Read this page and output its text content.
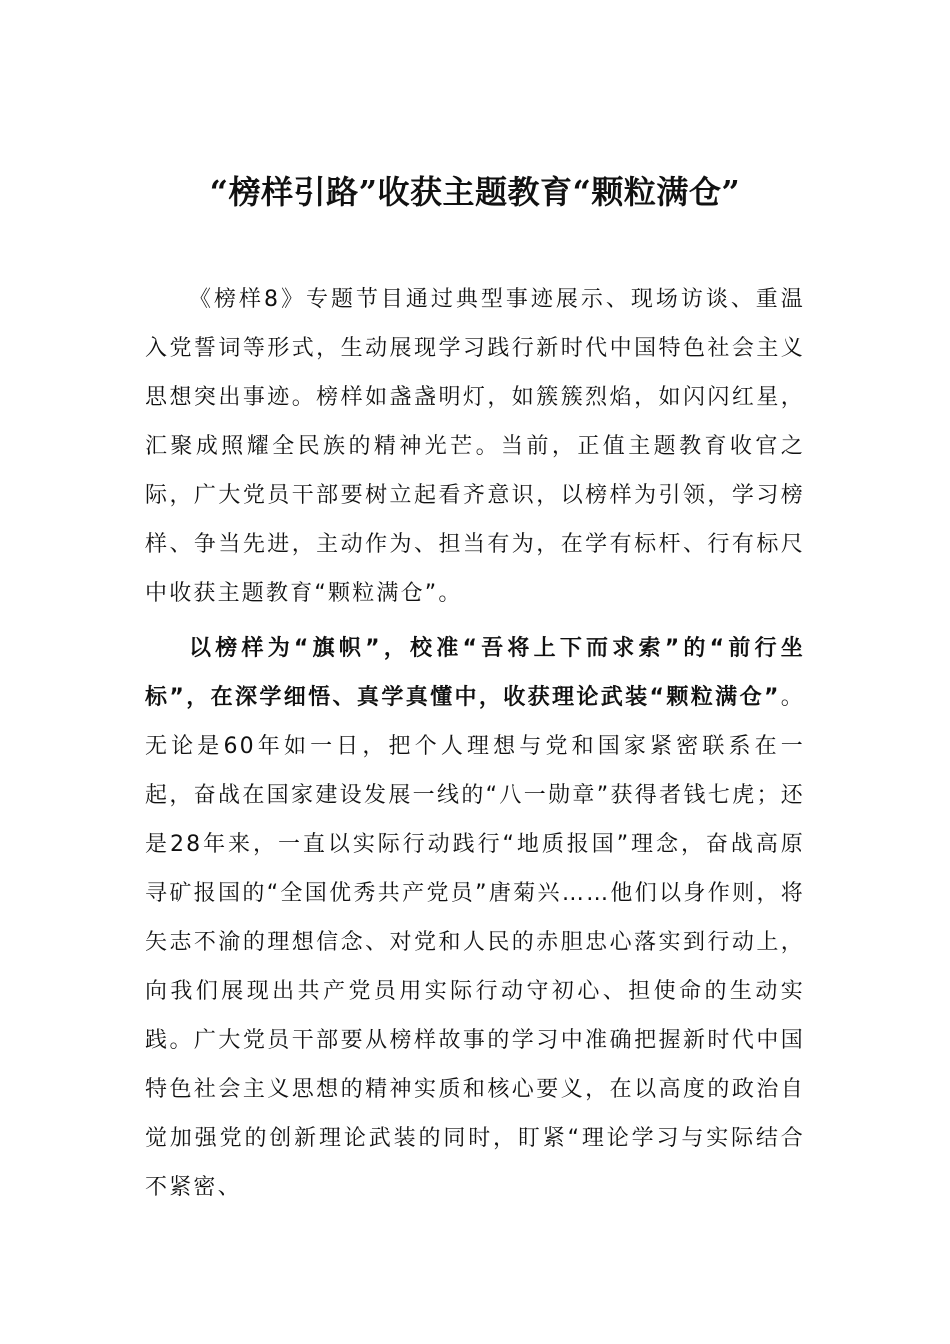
“榜样引路”收获主题教育“颗粒满仓”

《榜样8》专题节目通过典型事迹展示、现场访谈、重温入党誓词等形式，生动展现学习践行新时代中国特色社会主义思想突出事迹。榜样如盏盏明灯，如簇簇烈焰，如闪闪红星，汇聚成照耀全民族的精神光芒。当前，正值主题教育收官之际，广大党员干部要树立起看齐意识，以榜样为引领，学习榜样、争当先进，主动作为、担当有为，在学有标杆、行有标尺中收获主题教育“颗粒满仓”。

以榜样为“旗帜”，校准“吾将上下而求索”的“前行坐标”，在深学细悟、真学真懂中，收获理论武装“颗粒满仓”。无论是60年如一日，把个人理想与党和国家紧密联系在一起，奋战在国家建设发展一线的“八一勋章”获得者钱七虎；还是28年来，一直以实际行动践行“地质报国”理念，奋战高原寻矿报国的“全国优秀共产党员”唐菊兴……他们以身作则，将矢志不渝的理想信念、对党和人民的赤胆忠心落实到行动上，向我们展现出共产党员用实际行动守初心、担使命的生动实践。广大党员干部要从榜样故事的学习中准确把握新时代中国特色社会主义思想的精神实质和核心要义，在以高度的政治自觉加强党的创新理论武装的同时，盯紧“理论学习与实际结合不紧密、
